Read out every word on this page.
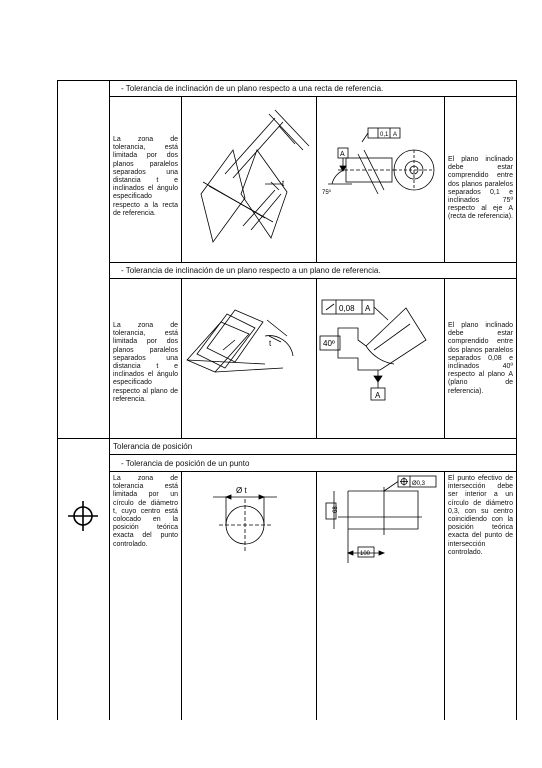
- Tolerancia de inclinación de un plano respecto a una recta de referencia.
La zona de tolerancia, está limitada por dos planos paralelos separados una distancia t e inclinados el ángulo especificado respecto a la recta de referencia.
t
0,1 A
A
75º
El plano inclinado debe estar comprendido entre dos planos paralelos separados 0,1 e inclinados 75º respecto al eje A (recta de referencia).
- Tolerancia de inclinación de un plano respecto a un plano de referencia.
La zona de tolerancia, está limitada por dos planos paralelos separados una distancia t e inclinados el ángulo especificado respecto al plano de referencia.
t
0,08 A
40º
A
El plano inclinado debe estar comprendido entre dos planos paralelos separados 0,08 e inclinados 40º respecto al plano A (plano de referencia).
Tolerancia de posición
- Tolerancia de posición de un punto
La zona de tolerancia está limitada por un círculo de diámetro t, cuyo centro está colocado en la posición teórica exacta del punto controlado.
Ø t
Ø0,3
68
100
El punto efectivo de intersección debe ser interior a un círculo de diámetro 0,3, con su centro coincidiendo con la posición teórica exacta del punto de intersección controlado.
